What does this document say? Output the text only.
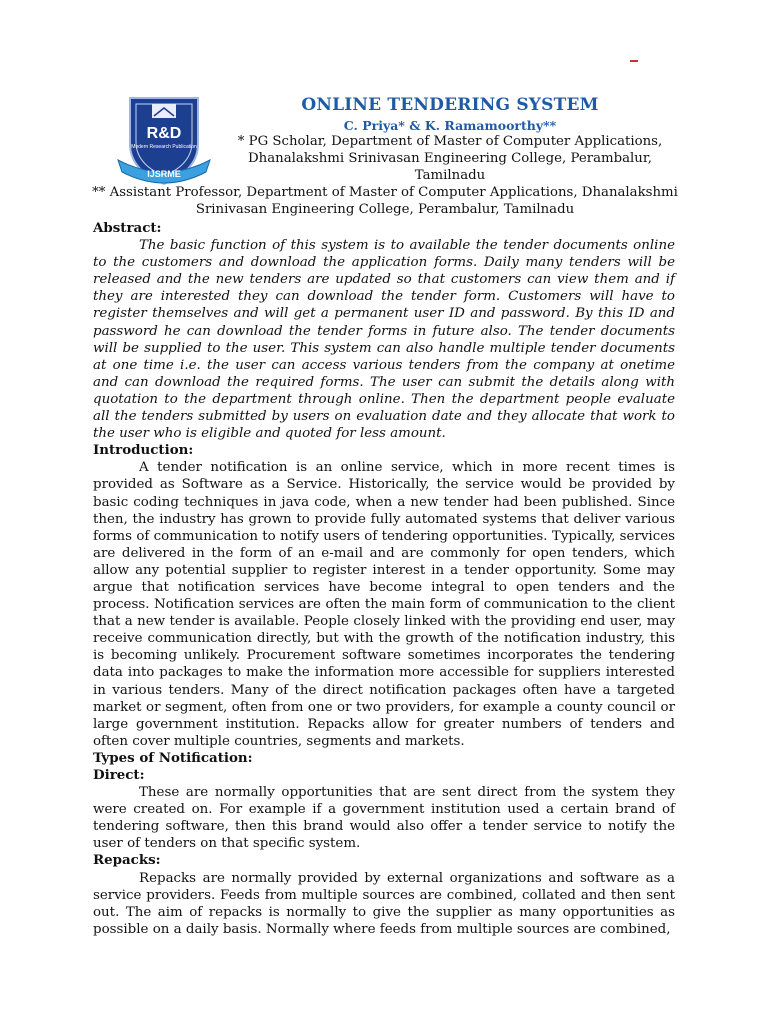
R&D
Modern Research Publication
IJSRME
ONLINE TENDERING SYSTEM
C. Priya* & K. Ramamoorthy**
* PG Scholar, Department of Master of Computer Applications, Dhanalakshmi Srinivasan Engineering College, Perambalur, Tamilnadu
** Assistant Professor, Department of Master of Computer Applications, Dhanalakshmi Srinivasan Engineering College, Perambalur, Tamilnadu
Abstract:

The basic function of this system is to available the tender documents online to the customers and download the application forms. Daily many tenders will be released and the new tenders are updated so that customers can view them and if they are interested they can download the tender form. Customers will have to register themselves and will get a permanent user ID and password. By this ID and password he can download the tender forms in future also. The tender documents will be supplied to the user. This system can also handle multiple tender documents at one time i.e. the user can access various tenders from the company at onetime and can download the required forms. The user can submit the details along with quotation to the department through online. Then the department people evaluate all the tenders submitted by users on evaluation date and they allocate that work to the user who is eligible and quoted for less amount.

Introduction:

A tender notification is an online service, which in more recent times is provided as Software as a Service. Historically, the service would be provided by basic coding techniques in java code, when a new tender had been published. Since then, the industry has grown to provide fully automated systems that deliver various forms of communication to notify users of tendering opportunities. Typically, services are delivered in the form of an e-mail and are commonly for open tenders, which allow any potential supplier to register interest in a tender opportunity. Some may argue that notification services have become integral to open tenders and the process. Notification services are often the main form of communication to the client that a new tender is available. People closely linked with the providing end user, may receive communication directly, but with the growth of the notification industry, this is becoming unlikely. Procurement software sometimes incorporates the tendering data into packages to make the information more accessible for suppliers interested in various tenders. Many of the direct notification packages often have a targeted market or segment, often from one or two providers, for example a county council or large government institution. Repacks allow for greater numbers of tenders and often cover multiple countries, segments and markets.

Types of Notification:
Direct:

These are normally opportunities that are sent direct from the system they were created on. For example if a government institution used a certain brand of tendering software, then this brand would also offer a tender service to notify the user of tenders on that specific system.

Repacks:

Repacks are normally provided by external organizations and software as a service providers. Feeds from multiple sources are combined, collated and then sent out. The aim of repacks is normally to give the supplier as many opportunities as possible on a daily basis. Normally where feeds from multiple sources are combined,
